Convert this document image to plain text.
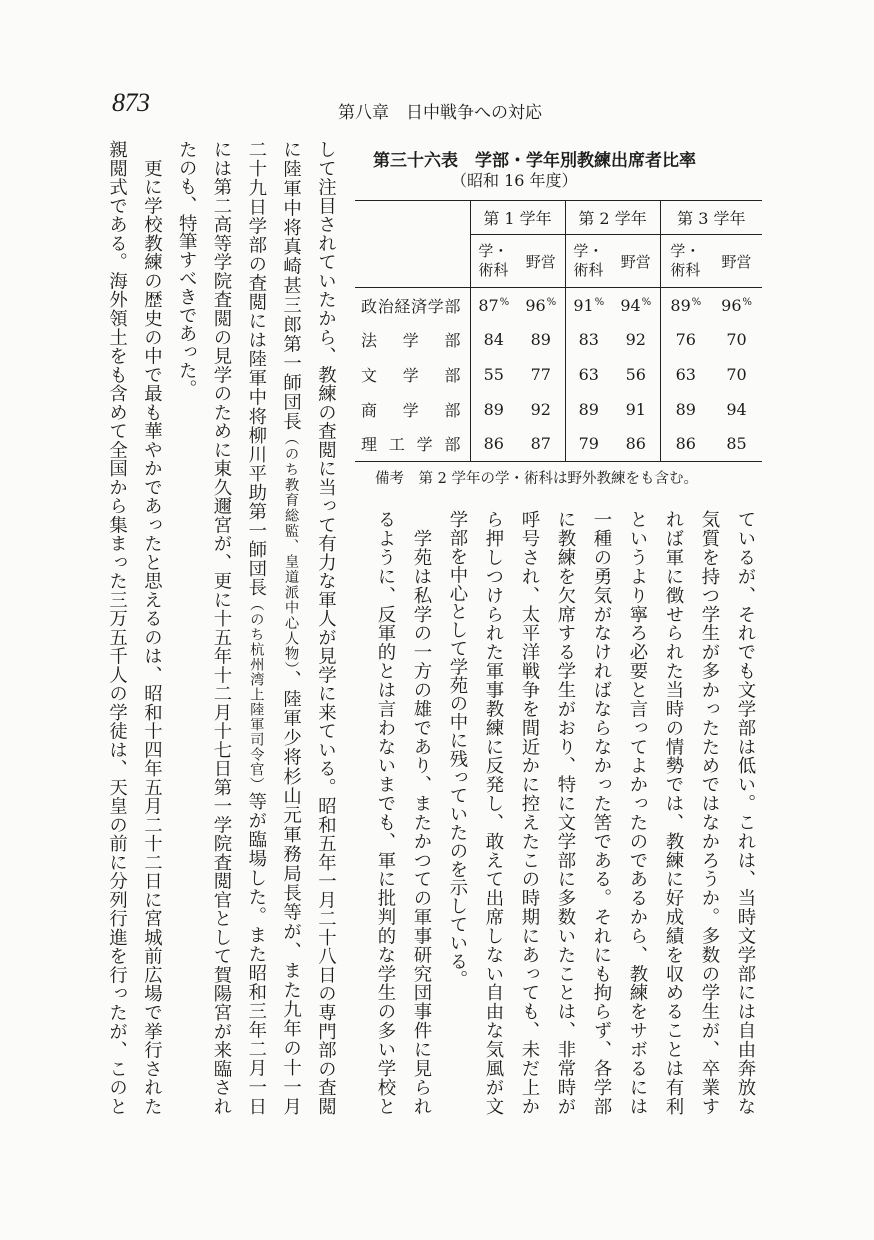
873	第八章　日中戦争への対応
第三十六表　学部・学年別教練出席者比率
（昭和 16 年度）
	第 1 学年		第 2 学年		第 3 学年	
	学・術科	野営	学・術科	野営	学・術科	野営
政治経済学部	87%	96%	91%	94%	89%	96%
法学部	84	89	83	92	76	70
文学部	55	77	63	56	63	70
商学部	89	92	89	91	89	94
理工学部	86	87	79	86	86	85
備考　第 2 学年の学・術科は野外教練をも含む。
ているが、それでも文学部は低い。これは、当時文学部には自由奔放な
気質を持つ学生が多かったためではなかろうか。多数の学生が、卒業す
れば軍に徴せられた当時の情勢では、教練に好成績を収めることは有利
というより寧ろ必要と言ってよかったのであるから、教練をサボるには
一種の勇気がなければならなかった筈である。それにも拘らず、各学部
に教練を欠席する学生がおり、特に文学部に多数いたことは、非常時が
呼号され、太平洋戦争を間近かに控えたこの時期にあっても、未だ上か
ら押しつけられた軍事教練に反発し、敢えて出席しない自由な気風が文
学部を中心として学苑の中に残っていたのを示している。
　学苑は私学の一方の雄であり、またかつての軍事研究団事件に見られ
るように、反軍的とは言わないまでも、軍に批判的な学生の多い学校と
して注目されていたから、教練の査閲に当って有力な軍人が見学に来ている。昭和五年一月二十八日の専門部の査閲
に陸軍中将真崎甚三郎第一師団長（のち教育総監、皇道派中心人物）、陸軍少将杉山元軍務局長等が、また九年の十一月
二十九日学部の査閲には陸軍中将柳川平助第一師団長（のち杭州湾上陸軍司令官）等が臨場した。また昭和三年二月一日
には第二高等学院査閲の見学のために東久邇宮が、更に十五年十二月十七日第一学院査閲官として賀陽宮が来臨され
たのも、特筆すべきであった。
　更に学校教練の歴史の中で最も華やかであったと思えるのは、昭和十四年五月二十二日に宮城前広場で挙行された
親閲式である。海外領土をも含めて全国から集まった三万五千人の学徒は、天皇の前に分列行進を行ったが、このと
